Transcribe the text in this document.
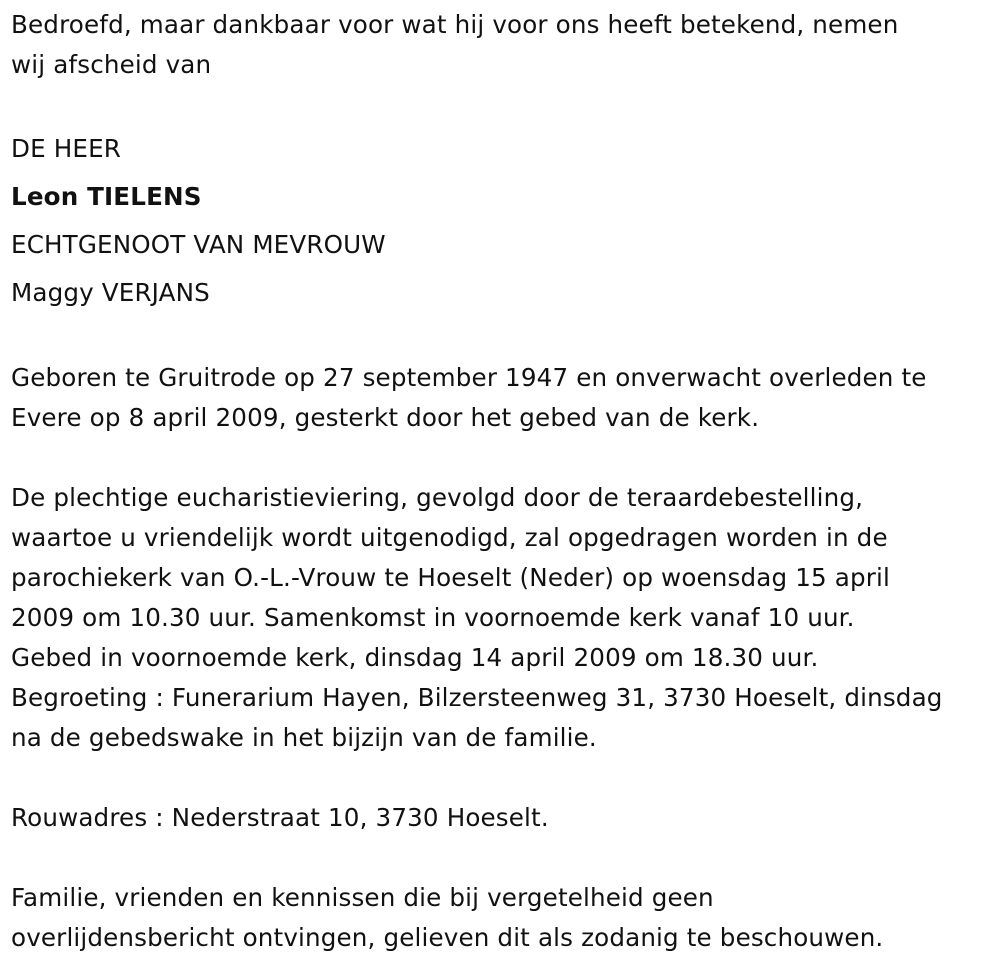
Bedroefd, maar dankbaar voor wat hij voor ons heeft betekend, nemen
wij afscheid van
DE HEER
Leon TIELENS
ECHTGENOOT VAN MEVROUW
Maggy VERJANS
Geboren te Gruitrode op 27 september 1947 en onverwacht overleden te
Evere op 8 april 2009, gesterkt door het gebed van de kerk.
De plechtige eucharistieviering, gevolgd door de teraardebestelling,
waartoe u vriendelijk wordt uitgenodigd, zal opgedragen worden in de
parochiekerk van O.-L.-Vrouw te Hoeselt (Neder) op woensdag 15 april
2009 om 10.30 uur. Samenkomst in voornoemde kerk vanaf 10 uur.
Gebed in voornoemde kerk, dinsdag 14 april 2009 om 18.30 uur.
Begroeting : Funerarium Hayen, Bilzersteenweg 31, 3730 Hoeselt, dinsdag
na de gebedswake in het bijzijn van de familie.
Rouwadres : Nederstraat 10, 3730 Hoeselt.
Familie, vrienden en kennissen die bij vergetelheid geen
overlijdensbericht ontvingen, gelieven dit als zodanig te beschouwen.
